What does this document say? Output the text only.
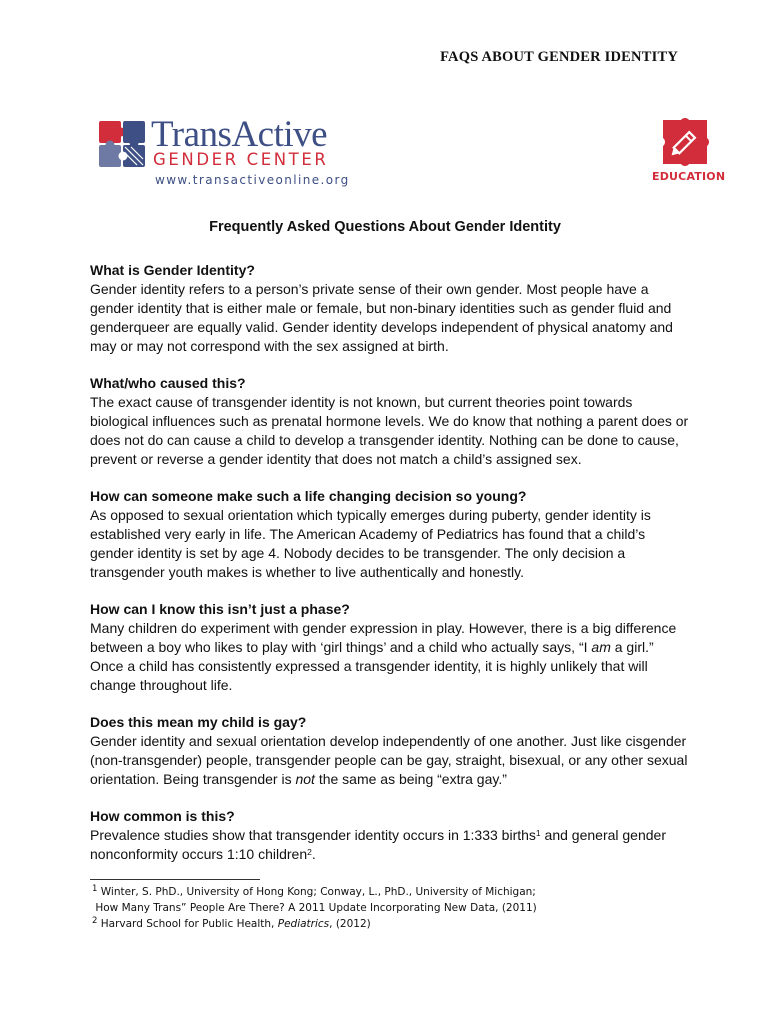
FAQS ABOUT GENDER IDENTITY
TransActive
GENDER CENTER
www.transactiveonline.org	EDUCATION
Frequently Asked Questions About Gender Identity
What is Gender Identity?

Gender identity refers to a person’s private sense of their own gender. Most people have a gender identity that is either male or female, but non-binary identities such as gender fluid and genderqueer are equally valid. Gender identity develops independent of physical anatomy and may or may not correspond with the sex assigned at birth.

What/who caused this?

The exact cause of transgender identity is not known, but current theories point towards biological influences such as prenatal hormone levels. We do know that nothing a parent does or does not do can cause a child to develop a transgender identity. Nothing can be done to cause, prevent or reverse a gender identity that does not match a child’s assigned sex.

How can someone make such a life changing decision so young?

As opposed to sexual orientation which typically emerges during puberty, gender identity is established very early in life. The American Academy of Pediatrics has found that a child’s gender identity is set by age 4. Nobody decides to be transgender. The only decision a transgender youth makes is whether to live authentically and honestly.

How can I know this isn’t just a phase?

Many children do experiment with gender expression in play. However, there is a big difference between a boy who likes to play with ‘girl things’ and a child who actually says, “I am a girl.” Once a child has consistently expressed a transgender identity, it is highly unlikely that will change throughout life.

Does this mean my child is gay?

Gender identity and sexual orientation develop independently of one another. Just like cisgender (non-transgender) people, transgender people can be gay, straight, bisexual, or any other sexual orientation. Being transgender is not the same as being “extra gay.”

How common is this?

Prevalence studies show that transgender identity occurs in 1:333 births$^1$ and general gender nonconformity occurs 1:10 children$^2$.

$^1$ Winter, S. PhD., University of Hong Kong; Conway, L., PhD., University of Michigan;
How Many Trans” People Are There? A 2011 Update Incorporating New Data, (2011)
$^2$ Harvard School for Public Health, Pediatrics, (2012)
